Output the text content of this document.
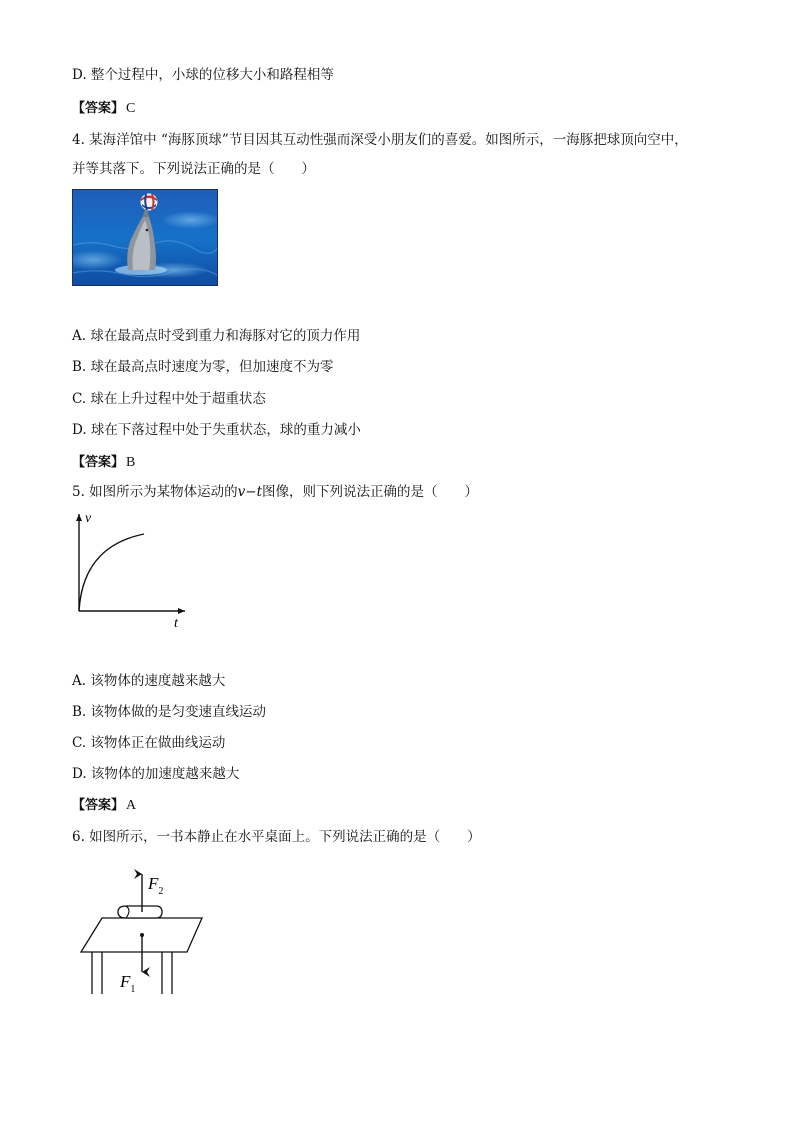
D. 整个过程中，小球的位移大小和路程相等
【答案】 C
4. 某海洋馆中 “海豚顶球”节目因其互动性强而深受小朋友们的喜爱。如图所示，一海豚把球顶向空中，
并等其落下。下列说法正确的是（　　）
A. 球在最高点时受到重力和海豚对它的顶力作用
B. 球在最高点时速度为零，但加速度不为零
C. 球在上升过程中处于超重状态
D. 球在下落过程中处于失重状态，球的重力减小
【答案】 B
5. 如图所示为某物体运动的𝑣−𝑡图像，则下列说法正确的是（　　）
v
t
A. 该物体的速度越来越大
B. 该物体做的是匀变速直线运动
C. 该物体正在做曲线运动
D. 该物体的加速度越来越大
【答案】 A
6. 如图所示，一书本静止在水平桌面上。下列说法正确的是（　　）
$F_2$
$F_1$
